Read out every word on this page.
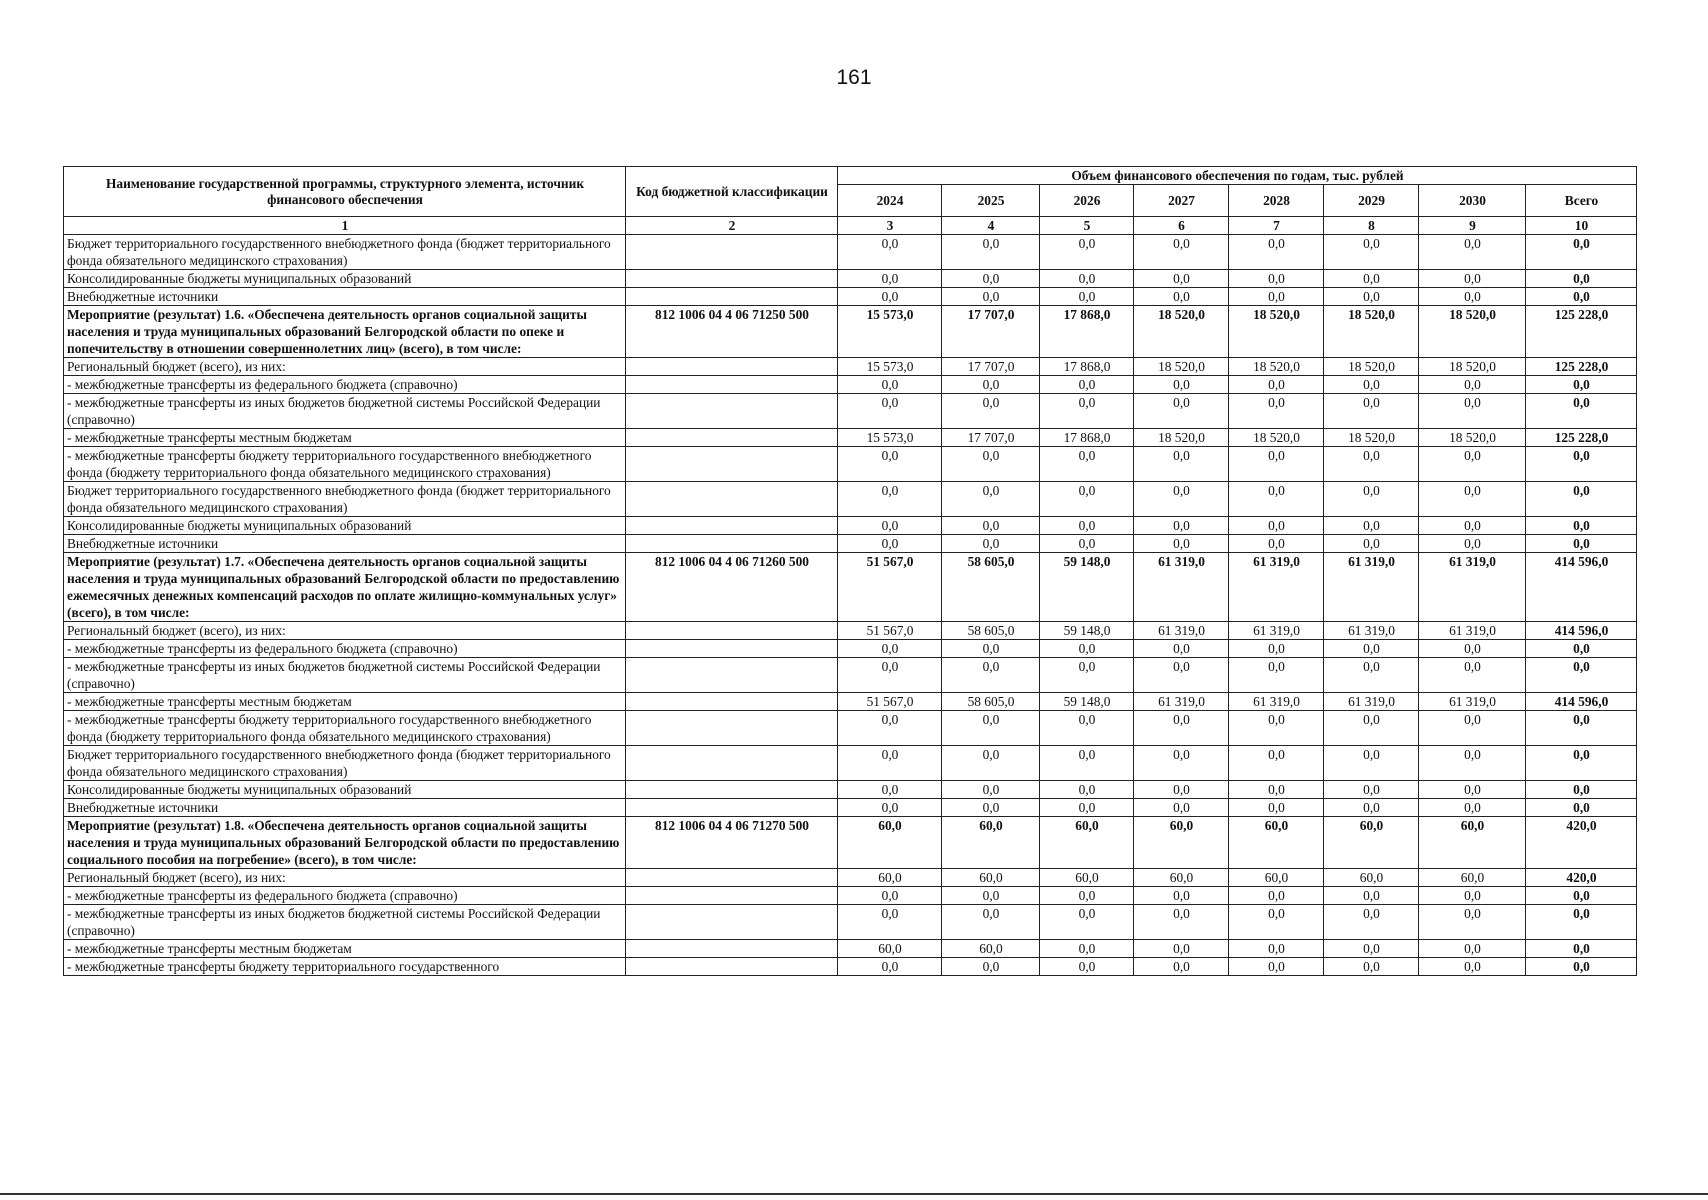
161
Наименование государственной программы, структурного элемента, источник финансового обеспечения	Код бюджетной классификации	Объем финансового обеспечения по годам, тыс. рублей							
		2024	2025	2026	2027	2028	2029	2030	Всего
1	2	3	4	5	6	7	8	9	10
Бюджет территориального государственного внебюджетного фонда (бюджет территориального фонда обязательного медицинского страхования)		0,0	0,0	0,0	0,0	0,0	0,0	0,0	0,0
Консолидированные бюджеты муниципальных образований		0,0	0,0	0,0	0,0	0,0	0,0	0,0	0,0
Внебюджетные источники		0,0	0,0	0,0	0,0	0,0	0,0	0,0	0,0
Мероприятие (результат) 1.6. «Обеспечена деятельность органов социальной защиты населения и труда муниципальных образований Белгородской области по опеке и попечительству в отношении совершеннолетних лиц» (всего), в том числе:	812 1006 04 4 06 71250 500	15 573,0	17 707,0	17 868,0	18 520,0	18 520,0	18 520,0	18 520,0	125 228,0
Региональный бюджет (всего), из них:		15 573,0	17 707,0	17 868,0	18 520,0	18 520,0	18 520,0	18 520,0	125 228,0
- межбюджетные трансферты из федерального бюджета (справочно)		0,0	0,0	0,0	0,0	0,0	0,0	0,0	0,0
- межбюджетные трансферты из иных бюджетов бюджетной системы Российской Федерации (справочно)		0,0	0,0	0,0	0,0	0,0	0,0	0,0	0,0
- межбюджетные трансферты местным бюджетам		15 573,0	17 707,0	17 868,0	18 520,0	18 520,0	18 520,0	18 520,0	125 228,0
- межбюджетные трансферты бюджету территориального государственного внебюджетного фонда (бюджету территориального фонда обязательного медицинского страхования)		0,0	0,0	0,0	0,0	0,0	0,0	0,0	0,0
Бюджет территориального государственного внебюджетного фонда (бюджет территориального фонда обязательного медицинского страхования)		0,0	0,0	0,0	0,0	0,0	0,0	0,0	0,0
Консолидированные бюджеты муниципальных образований		0,0	0,0	0,0	0,0	0,0	0,0	0,0	0,0
Внебюджетные источники		0,0	0,0	0,0	0,0	0,0	0,0	0,0	0,0
Мероприятие (результат) 1.7. «Обеспечена деятельность органов социальной защиты населения и труда муниципальных образований Белгородской области по предоставлению ежемесячных денежных компенсаций расходов по оплате жилищно-коммунальных услуг» (всего), в том числе:	812 1006 04 4 06 71260 500	51 567,0	58 605,0	59 148,0	61 319,0	61 319,0	61 319,0	61 319,0	414 596,0
Региональный бюджет (всего), из них:		51 567,0	58 605,0	59 148,0	61 319,0	61 319,0	61 319,0	61 319,0	414 596,0
- межбюджетные трансферты из федерального бюджета (справочно)		0,0	0,0	0,0	0,0	0,0	0,0	0,0	0,0
- межбюджетные трансферты из иных бюджетов бюджетной системы Российской Федерации (справочно)		0,0	0,0	0,0	0,0	0,0	0,0	0,0	0,0
- межбюджетные трансферты местным бюджетам		51 567,0	58 605,0	59 148,0	61 319,0	61 319,0	61 319,0	61 319,0	414 596,0
- межбюджетные трансферты бюджету территориального государственного внебюджетного фонда (бюджету территориального фонда обязательного медицинского страхования)		0,0	0,0	0,0	0,0	0,0	0,0	0,0	0,0
Бюджет территориального государственного внебюджетного фонда (бюджет территориального фонда обязательного медицинского страхования)		0,0	0,0	0,0	0,0	0,0	0,0	0,0	0,0
Консолидированные бюджеты муниципальных образований		0,0	0,0	0,0	0,0	0,0	0,0	0,0	0,0
Внебюджетные источники		0,0	0,0	0,0	0,0	0,0	0,0	0,0	0,0
Мероприятие (результат) 1.8. «Обеспечена деятельность органов социальной защиты населения и труда муниципальных образований Белгородской области по предоставлению социального пособия на погребение» (всего), в том числе:	812 1006 04 4 06 71270 500	60,0	60,0	60,0	60,0	60,0	60,0	60,0	420,0
Региональный бюджет (всего), из них:		60,0	60,0	60,0	60,0	60,0	60,0	60,0	420,0
- межбюджетные трансферты из федерального бюджета (справочно)		0,0	0,0	0,0	0,0	0,0	0,0	0,0	0,0
- межбюджетные трансферты из иных бюджетов бюджетной системы Российской Федерации (справочно)		0,0	0,0	0,0	0,0	0,0	0,0	0,0	0,0
- межбюджетные трансферты местным бюджетам		60,0	60,0	0,0	0,0	0,0	0,0	0,0	0,0
- межбюджетные трансферты бюджету территориального государственного		0,0	0,0	0,0	0,0	0,0	0,0	0,0	0,0
